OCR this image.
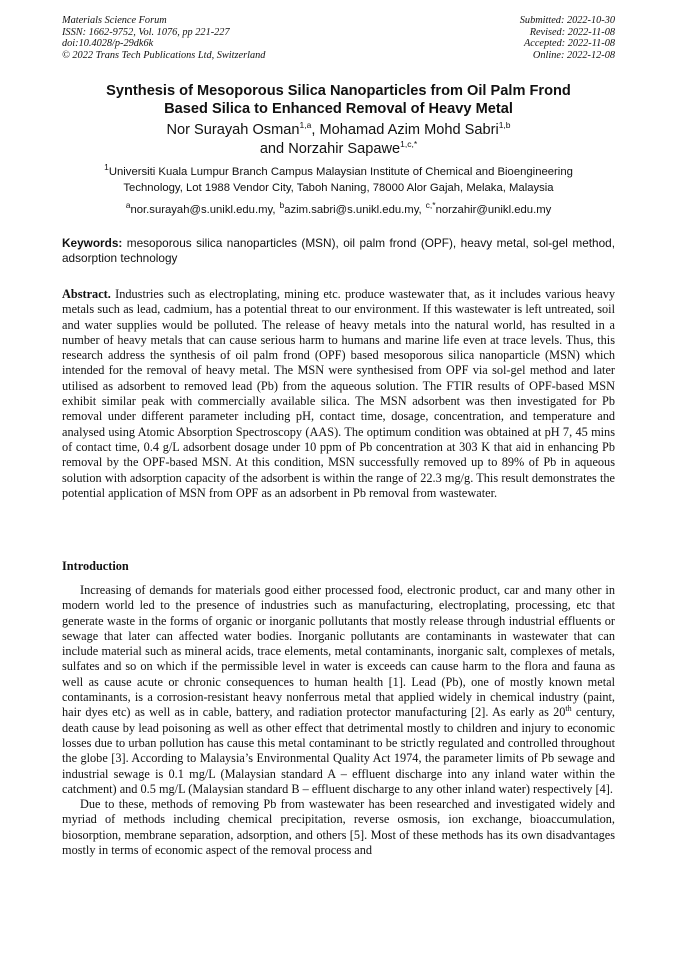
Materials Science Forum
ISSN: 1662-9752, Vol. 1076, pp 221-227
doi:10.4028/p-29dk6k
© 2022 Trans Tech Publications Ltd, Switzerland
Submitted: 2022-10-30
Revised: 2022-11-08
Accepted: 2022-11-08
Online: 2022-12-08
Synthesis of Mesoporous Silica Nanoparticles from Oil Palm Frond
Based Silica to Enhanced Removal of Heavy Metal
Nor Surayah Osman$^{1,a}$, Mohamad Azim Mohd Sabri$^{1,b}$
and Norzahir Sapawe$^{1,c,*}$
$^1$Universiti Kuala Lumpur Branch Campus Malaysian Institute of Chemical and Bioengineering
Technology, Lot 1988 Vendor City, Taboh Naning, 78000 Alor Gajah, Melaka, Malaysia
$^a$nor.surayah@s.unikl.edu.my, $^b$azim.sabri@s.unikl.edu.my, $^{c,*}$norzahir@unikl.edu.my
Keywords: mesoporous silica nanoparticles (MSN), oil palm frond (OPF), heavy metal, sol-gel method, adsorption technology
Abstract. Industries such as electroplating, mining etc. produce wastewater that, as it includes various heavy metals such as lead, cadmium, has a potential threat to our environment. If this wastewater is left untreated, soil and water supplies would be polluted. The release of heavy metals into the natural world, has resulted in a number of heavy metals that can cause serious harm to humans and marine life even at trace levels. Thus, this research address the synthesis of oil palm frond (OPF) based mesoporous silica nanoparticle (MSN) which intended for the removal of heavy metal. The MSN were synthesised from OPF via sol-gel method and later utilised as adsorbent to removed lead (Pb) from the aqueous solution. The FTIR results of OPF-based MSN exhibit similar peak with commercially available silica. The MSN adsorbent was then investigated for Pb removal under different parameter including pH, contact time, dosage, concentration, and temperature and analysed using Atomic Absorption Spectroscopy (AAS). The optimum condition was obtained at pH 7, 45 mins of contact time, 0.4 g/L adsorbent dosage under 10 ppm of Pb concentration at 303 K that aid in enhancing Pb removal by the OPF-based MSN. At this condition, MSN successfully removed up to 89% of Pb in aqueous solution with adsorption capacity of the adsorbent is within the range of 22.3 mg/g. This result demonstrates the potential application of MSN from OPF as an adsorbent in Pb removal from wastewater.
Introduction

Increasing of demands for materials good either processed food, electronic product, car and many other in modern world led to the presence of industries such as manufacturing, electroplating, processing, etc that generate waste in the forms of organic or inorganic pollutants that mostly release through industrial effluents or sewage that later can affected water bodies. Inorganic pollutants are contaminants in wastewater that can include material such as mineral acids, trace elements, metal contaminants, inorganic salt, complexes of metals, sulfates and so on which if the permissible level in water is exceeds can cause harm to the flora and fauna as well as cause acute or chronic consequences to human health [1]. Lead (Pb), one of mostly known metal contaminants, is a corrosion-resistant heavy nonferrous metal that applied widely in chemical industry (paint, hair dyes etc) as well as in cable, battery, and radiation protector manufacturing [2]. As early as 20th century, death cause by lead poisoning as well as other effect that detrimental mostly to children and injury to economic losses due to urban pollution has cause this metal contaminant to be strictly regulated and controlled throughout the globe [3]. According to Malaysia’s Environmental Quality Act 1974, the parameter limits of Pb sewage and industrial sewage is 0.1 mg/L (Malaysian standard A – effluent discharge into any inland water within the catchment) and 0.5 mg/L (Malaysian standard B – effluent discharge to any other inland water) respectively [4].

Due to these, methods of removing Pb from wastewater has been researched and investigated widely and myriad of methods including chemical precipitation, reverse osmosis, ion exchange, bioaccumulation, biosorption, membrane separation, adsorption, and others [5]. Most of these methods has its own disadvantages mostly in terms of economic aspect of the removal process and
